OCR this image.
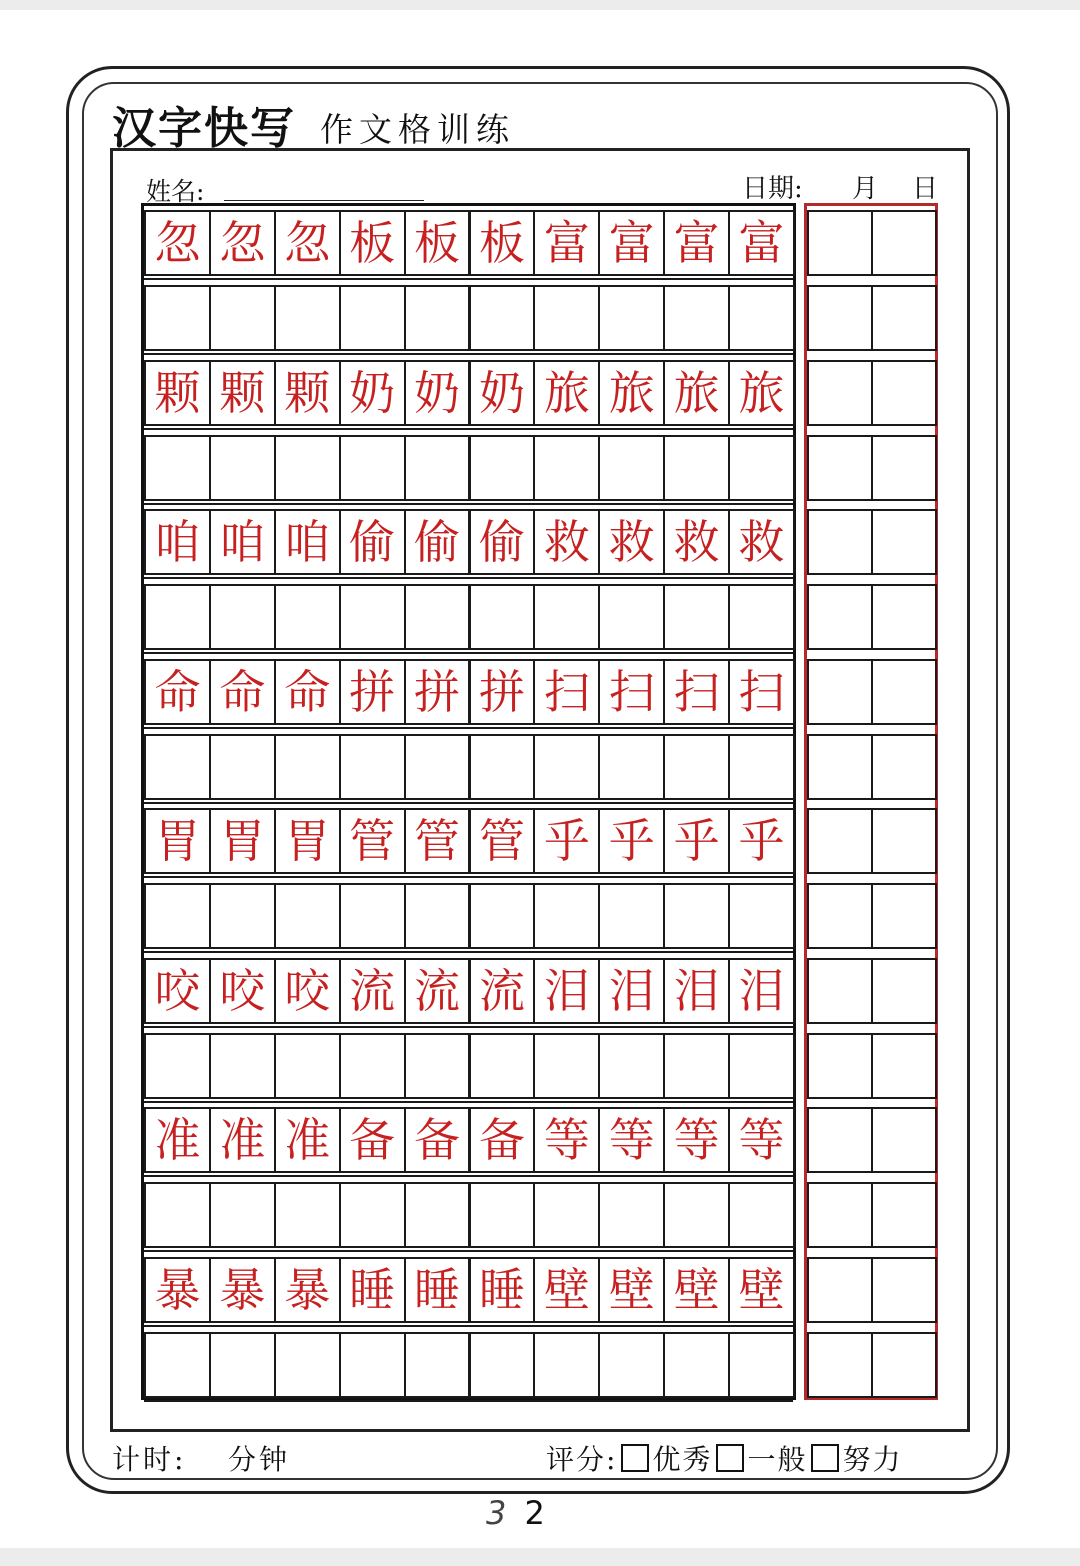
汉字快写 作文格训练
姓名:	日期: 月 日
忽 忽 忽 板 板 板 富 富 富 富
颗 颗 颗 奶 奶 奶 旅 旅 旅 旅
咱 咱 咱 偷 偷 偷 救 救 救 救
命 命 命 拼 拼 拼 扫 扫 扫 扫
胃 胃 胃 管 管 管 乎 乎 乎 乎
咬 咬 咬 流 流 流 泪 泪 泪 泪
准 准 准 备 备 备 等 等 等 等
暴 暴 暴 睡 睡 睡 壁 壁 壁 壁
计时: 分钟	评分: 优秀 一般 努力
3 2
